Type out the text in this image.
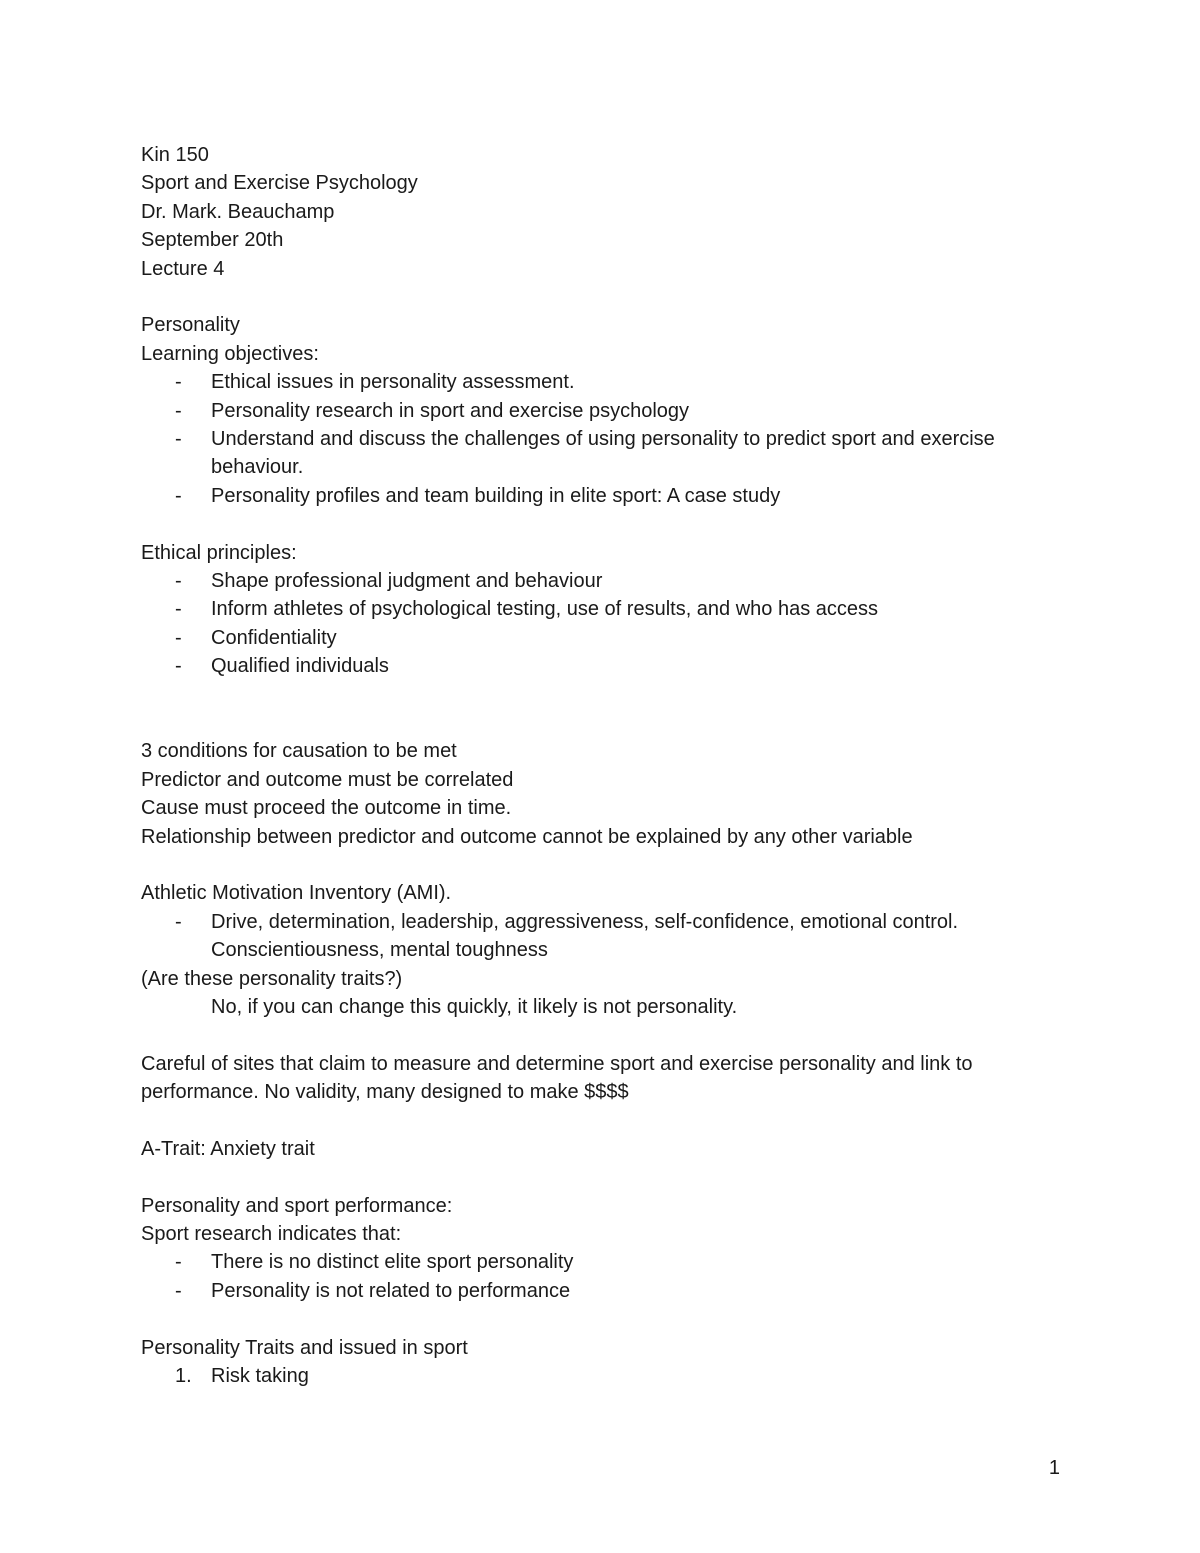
Kin 150
Sport and Exercise Psychology
Dr. Mark. Beauchamp
September 20th
Lecture 4
Personality
Learning objectives:
- Ethical issues in personality assessment.
- Personality research in sport and exercise psychology
- Understand and discuss the challenges of using personality to predict sport and exercise behaviour.
- Personality profiles and team building in elite sport: A case study
Ethical principles:
- Shape professional judgment and behaviour
- Inform athletes of psychological testing, use of results, and who has access
- Confidentiality
- Qualified individuals
3 conditions for causation to be met
Predictor and outcome must be correlated
Cause must proceed the outcome in time.
Relationship between predictor and outcome cannot be explained by any other variable
Athletic Motivation Inventory (AMI).
- Drive, determination, leadership, aggressiveness, self-confidence, emotional control. Conscientiousness, mental toughness
(Are these personality traits?)
No, if you can change this quickly, it likely is not personality.
Careful of sites that claim to measure and determine sport and exercise personality and link to
performance. No validity, many designed to make $$$$
A-Trait: Anxiety trait
Personality and sport performance:
Sport research indicates that:
- There is no distinct elite sport personality
- Personality is not related to performance
Personality Traits and issued in sport
1. Risk taking
1
